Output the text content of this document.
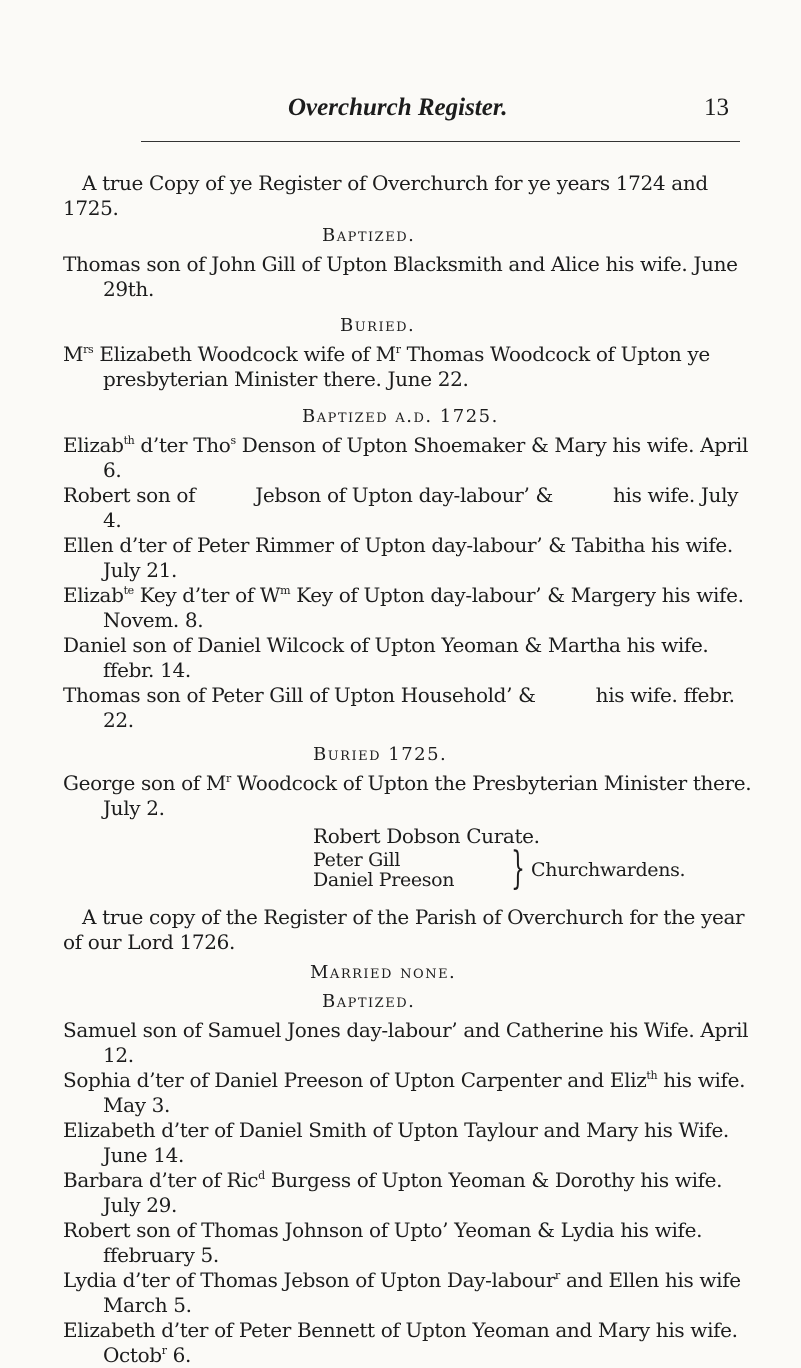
Overchurch Register.	13

A true Copy of ye Register of Overchurch for ye years 1724 and 1725.

Baptized.

Thomas son of John Gill of Upton Blacksmith and Alice his wife. June 29th.

Buried.

$M^{rs}$ Elizabeth Woodcock wife of $M^r$ Thomas Woodcock of Upton ye presbyterian Minister there. June 22.

Baptized a.d. 1725.

Elizab$^{th}$ d’ter Tho$^s$ Denson of Upton Shoemaker & Mary his wife. April 6.

Robert son of          Jebson of Upton day-labour’ &          his wife. July 4.

Ellen d’ter of Peter Rimmer of Upton day-labour’ & Tabitha his wife. July 21.

Elizab$^{te}$ Key d’ter of $W^m$ Key of Upton day-labour’ & Margery his wife. Novem. 8.

Daniel son of Daniel Wilcock of Upton Yeoman & Martha his wife. ffebr. 14.

Thomas son of Peter Gill of Upton Household’ &          his wife. ffebr. 22.

Buried 1725.

George son of $M^r$ Woodcock of Upton the Presbyterian Minister there. July 2.

Robert Dobson Curate.
Peter Gill
Daniel Preeson } Churchwardens.

A true copy of the Register of the Parish of Overchurch for the year of our Lord 1726.

Married none.

Baptized.

Samuel son of Samuel Jones day-labour’ and Catherine his Wife. April 12.

Sophia d’ter of Daniel Preeson of Upton Carpenter and Eliz$^{th}$ his wife. May 3.

Elizabeth d’ter of Daniel Smith of Upton Taylour and Mary his Wife. June 14.

Barbara d’ter of Ric$^d$ Burgess of Upton Yeoman & Dorothy his wife. July 29.

Robert son of Thomas Johnson of Upto’ Yeoman & Lydia his wife. ffebruary 5.

Lydia d’ter of Thomas Jebson of Upton Day-labour$^r$ and Ellen his wife March 5.

Elizabeth d’ter of Peter Bennett of Upton Yeoman and Mary his wife. Octob$^r$ 6.
